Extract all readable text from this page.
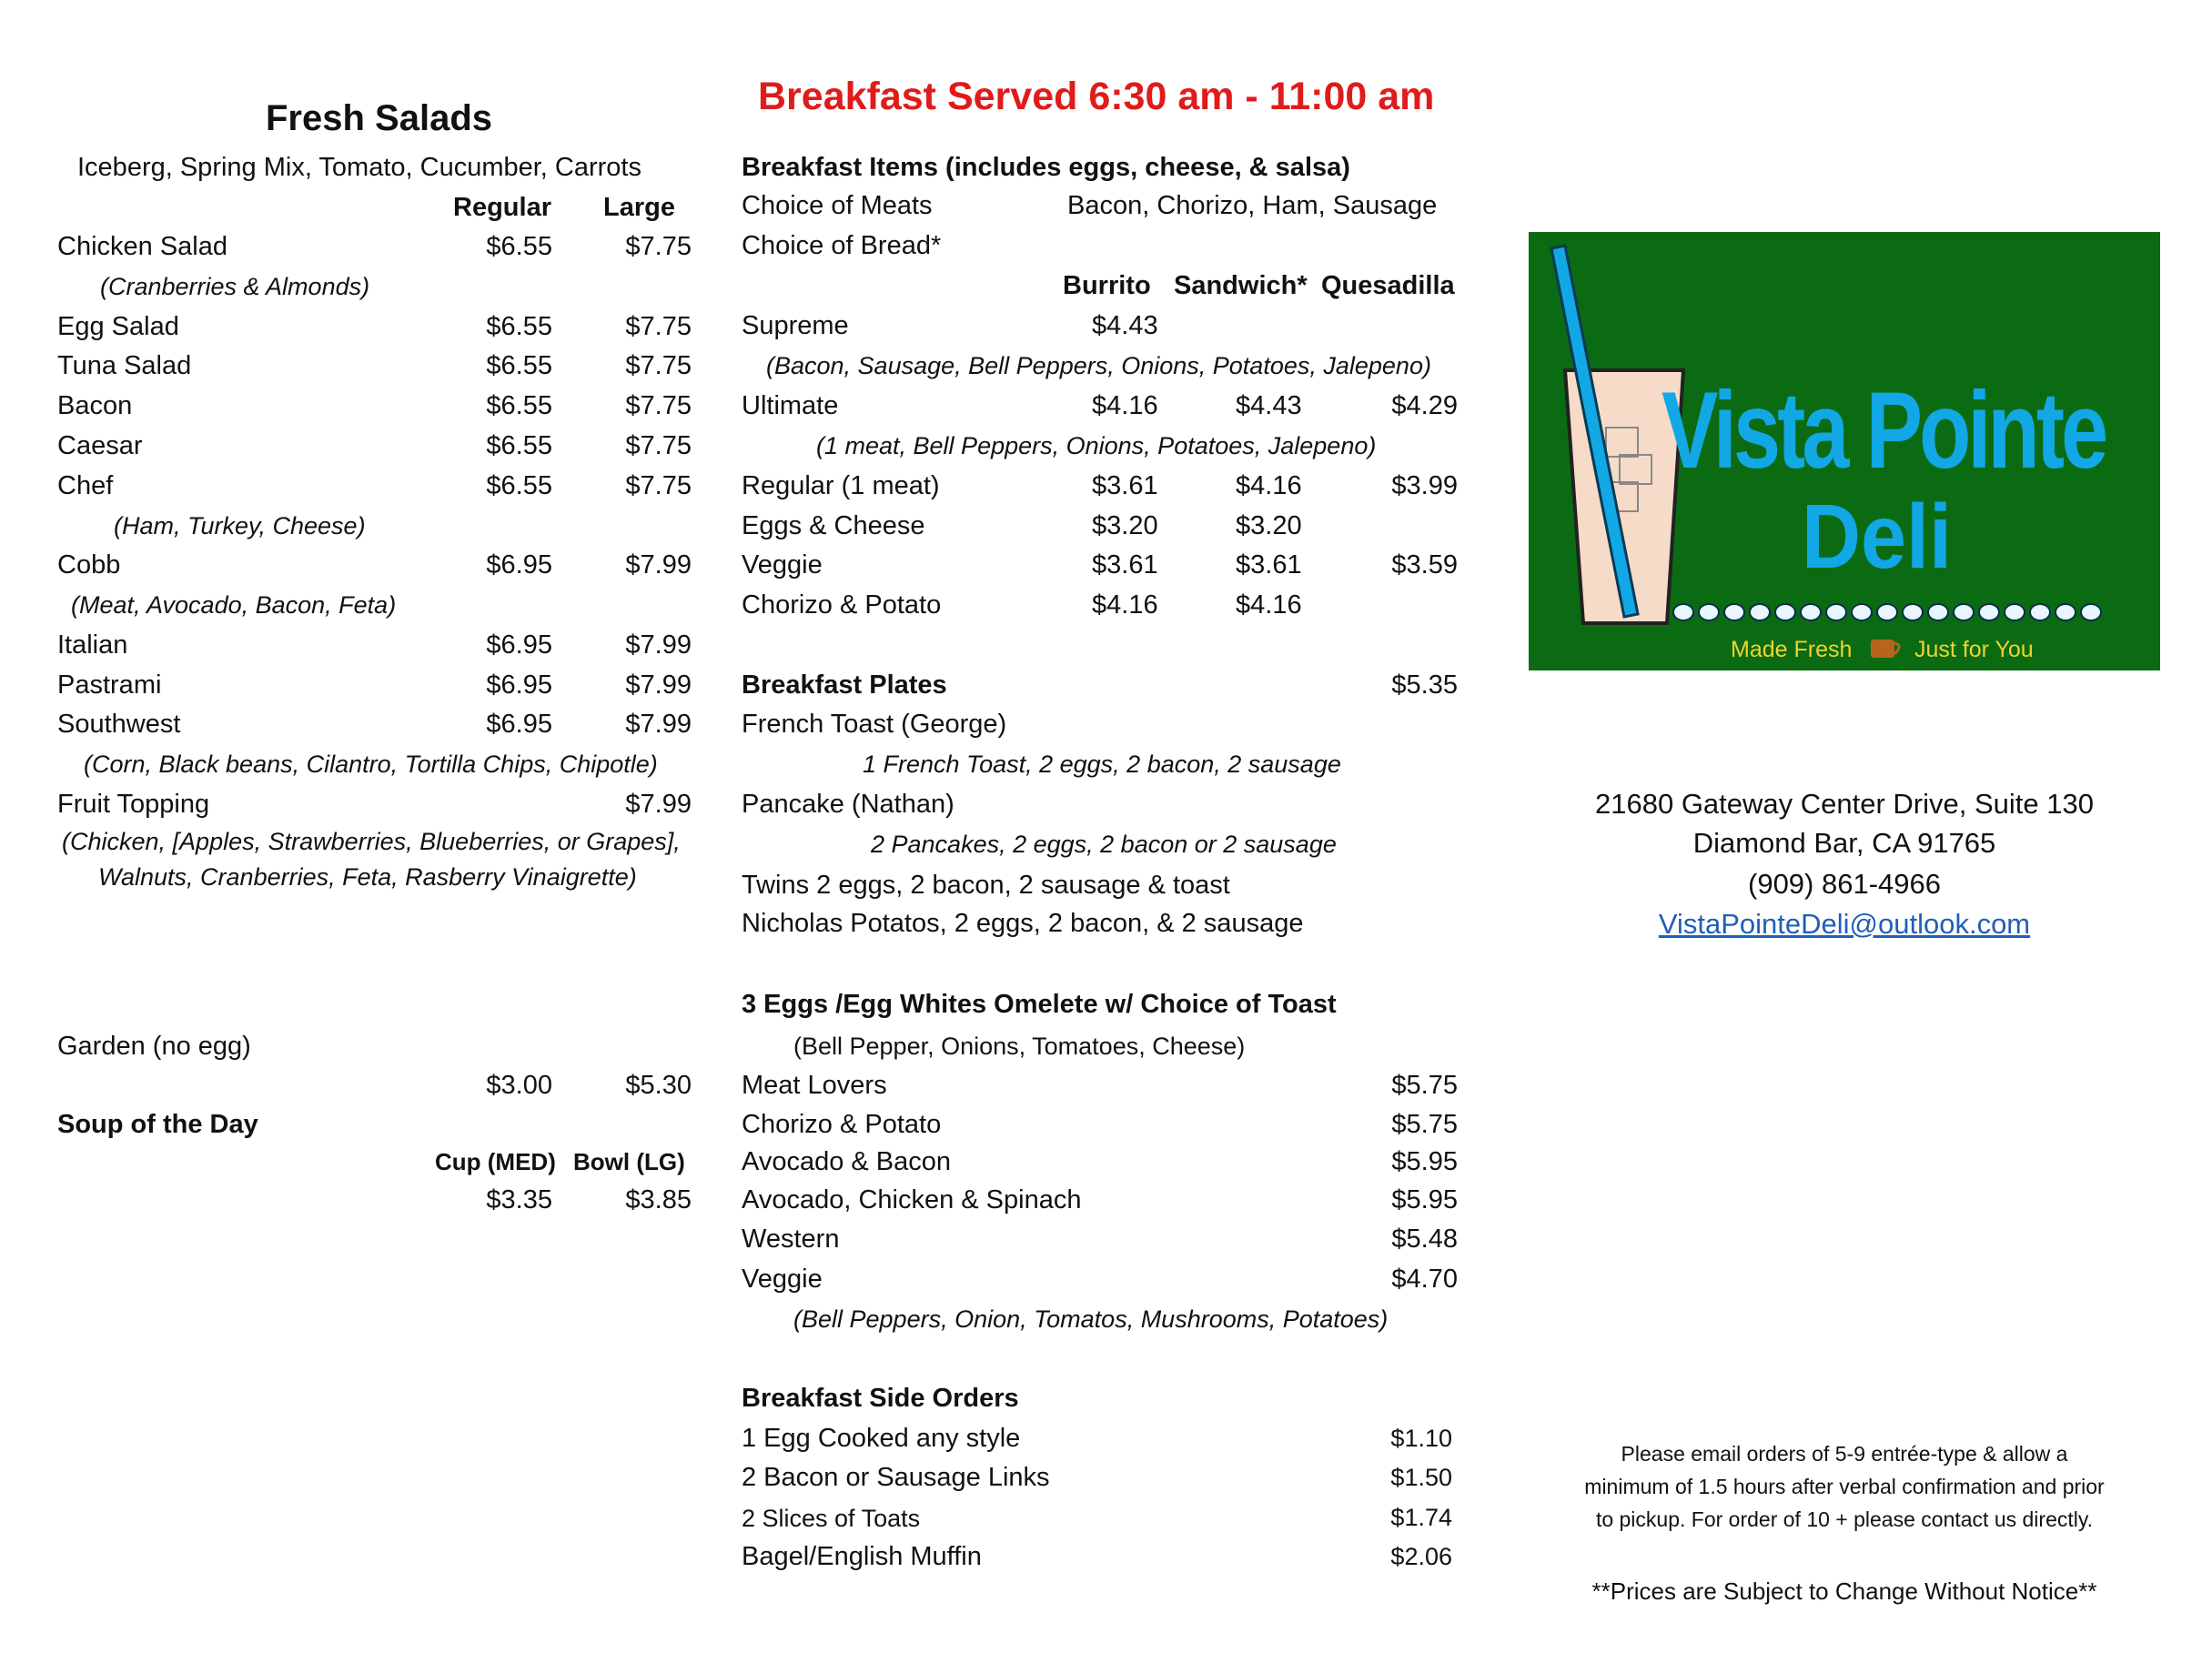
Fresh Salads
Iceberg, Spring Mix, Tomato, Cucumber, Carrots
Regular	Large
Chicken Salad	$6.55	$7.75
(Cranberries & Almonds)
Egg Salad	$6.55	$7.75
Tuna Salad	$6.55	$7.75
Bacon	$6.55	$7.75
Caesar	$6.55	$7.75
Chef	$6.55	$7.75
(Ham, Turkey, Cheese)
Cobb	$6.95	$7.99
(Meat, Avocado, Bacon, Feta)
Italian	$6.95	$7.99
Pastrami	$6.95	$7.99
Southwest	$6.95	$7.99
(Corn, Black beans, Cilantro, Tortilla Chips, Chipotle)
Fruit Topping	$7.99
(Chicken, [Apples, Strawberries, Blueberries, or Grapes],
Walnuts, Cranberries, Feta, Rasberry Vinaigrette)
Garden (no egg)
$3.00	$5.30
Soup of the Day
Cup (MED) Bowl (LG)
$3.35	$3.85
Breakfast Served 6:30 am - 11:00 am
Breakfast Items (includes eggs, cheese, & salsa)
Choice of Meats	Bacon, Chorizo, Ham, Sausage
Choice of Bread*
Burrito Sandwich* Quesadilla
Supreme	$4.43
(Bacon, Sausage, Bell Peppers, Onions, Potatoes, Jalepeno)
Ultimate	$4.16	$4.43	$4.29
(1 meat, Bell Peppers, Onions, Potatoes, Jalepeno)
Regular (1 meat)	$3.61	$4.16	$3.99
Eggs & Cheese	$3.20	$3.20
Veggie	$3.61	$3.61	$3.59
Chorizo & Potato	$4.16	$4.16
Breakfast Plates	$5.35
French Toast (George)
1 French Toast, 2 eggs, 2 bacon, 2 sausage
Pancake (Nathan)
2 Pancakes, 2 eggs, 2 bacon or 2 sausage
Twins 2 eggs, 2 bacon, 2 sausage & toast
Nicholas Potatos, 2 eggs, 2 bacon, & 2 sausage
3 Eggs /Egg Whites Omelete w/ Choice of Toast
(Bell Pepper, Onions, Tomatoes, Cheese)
Meat Lovers	$5.75
Chorizo & Potato	$5.75
Avocado & Bacon	$5.95
Avocado, Chicken & Spinach	$5.95
Western	$5.48
Veggie	$4.70
(Bell Peppers, Onion, Tomatos, Mushrooms, Potatoes)
Breakfast Side Orders
1 Egg Cooked any style	$1.10
2 Bacon or Sausage Links	$1.50
2 Slices of Toats	$1.74
Bagel/English Muffin	$2.06
Vista Pointe
Deli
Made Fresh	Just for You
21680 Gateway Center Drive, Suite 130
Diamond Bar, CA 91765
(909) 861-4966
VistaPointeDeli@outlook.com
Please email orders of 5-9 entrée-type & allow a
minimum of 1.5 hours after verbal confirmation and prior
to pickup. For order of 10 + please contact us directly.
**Prices are Subject to Change Without Notice**
